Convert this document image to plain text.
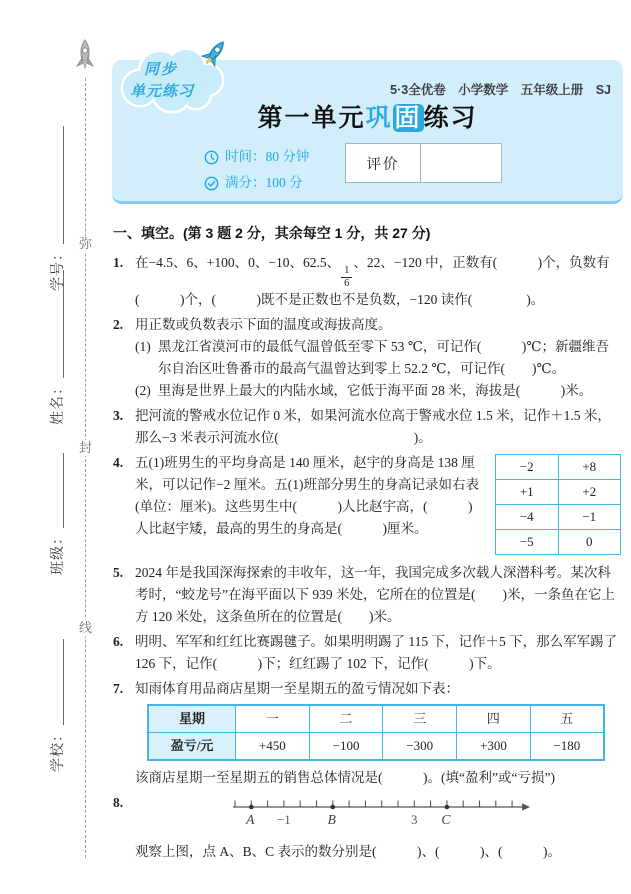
弥
封
线
学号：
姓名：
班级：
学校：
5·3全优卷　小学数学　五年级上册　SJ
第一单元巩固练习
时间：80 分钟
满分：100 分
评价
同步
单元练习
一、填空。(第 3 题 2 分，其余每空 1 分，共 27 分)
1. 在−4.5、6、+100、0、−10、62.5、
$\frac{1}{6}$
、22、−120 中，正数有(　　　)个，负数有(　　　)个，(　　　)既不是正数也不是负数，−120 读作(　　　　)。
2. 用正数或负数表示下面的温度或海拔高度。
(1) 黑龙江省漠河市的最低气温曾低至零下 53 ℃，可记作(　　　)℃；新疆维吾尔自治区吐鲁番市的最高气温曾达到零上 52.2 ℃，可记作(　　)℃。
(2) 里海是世界上最大的内陆水域，它低于海平面 28 米，海拔是(　　　)米。
3. 把河流的警戒水位记作 0 米，如果河流水位高于警戒水位 1.5 米，记作＋1.5 米，那么−3 米表示河流水位(　　　　　　　　　　)。
4.	−2	+8
+1	+2
−4	−1
−5	0
五(1)班男生的平均身高是 140 厘米，赵宇的身高是 138 厘米，可以记作−2 厘米。五(1)班部分男生的身高记录如右表(单位：厘米)。这些男生中(　　　)人比赵宇高，(　　　)人比赵宇矮，最高的男生的身高是(　　　)厘米。
5. 2024 年是我国深海探索的丰收年，这一年，我国完成多次载人深潜科考。某次科考时，“蛟龙号”在海平面以下 939 米处，它所在的位置是(　　)米，一条鱼在它上方 120 米处，这条鱼所在的位置是(　　)米。
6. 明明、军军和红红比赛踢毽子。如果明明踢了 115 下，记作＋5 下，那么军军踢了 126 下，记作(　　　)下；红红踢了 102 下，记作(　　　)下。
7. 知雨体育用品商店星期一至星期五的盈亏情况如下表：
星期	一	二	三	四	五
盈亏/元	+450	−100	−300	+300	−180
该商店星期一至星期五的销售总体情况是(　　　)。(填“盈利”或“亏损”)
8.
A	B	C
−1	3
观察上图，点 A、B、C 表示的数分别是(　　　)、(　　　)、(　　　)。
